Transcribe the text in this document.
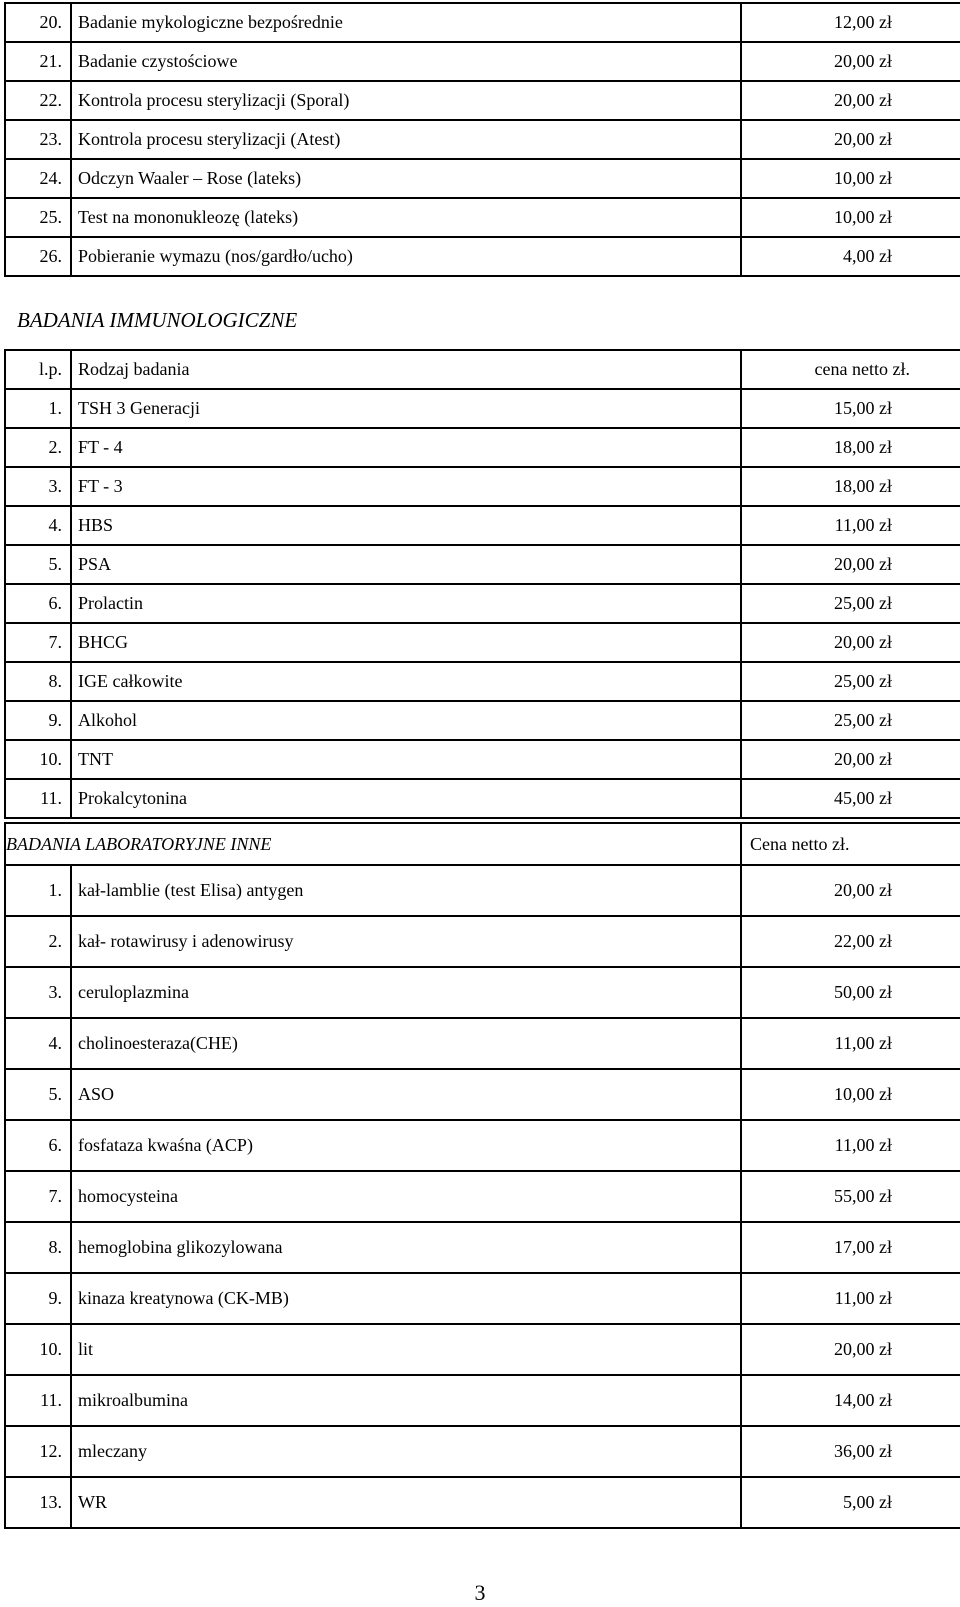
20.	Badanie mykologiczne bezpośrednie	12,00 zł
21.	Badanie czystościowe	20,00 zł
22.	Kontrola procesu sterylizacji (Sporal)	20,00 zł
23.	Kontrola procesu sterylizacji (Atest)	20,00 zł
24.	Odczyn Waaler – Rose (lateks)	10,00 zł
25.	Test na mononukleozę (lateks)	10,00 zł
26.	Pobieranie wymazu (nos/gardło/ucho)	4,00 zł
BADANIA IMMUNOLOGICZNE
l.p.	Rodzaj badania	cena netto zł.
1.	TSH 3 Generacji	15,00 zł
2.	FT - 4	18,00 zł
3.	FT - 3	18,00 zł
4.	HBS	11,00 zł
5.	PSA	20,00 zł
6.	Prolactin	25,00 zł
7.	BHCG	20,00 zł
8.	IGE całkowite	25,00 zł
9.	Alkohol	25,00 zł
10.	TNT	20,00 zł
11.	Prokalcytonina	45,00 zł
BADANIA LABORATORYJNE INNE		Cena netto zł.
1.	kał-lamblie (test Elisa) antygen	20,00 zł
2.	kał- rotawirusy i adenowirusy	22,00 zł
3.	ceruloplazmina	50,00 zł
4.	cholinoesteraza(CHE)	11,00 zł
5.	ASO	10,00 zł
6.	fosfataza kwaśna (ACP)	11,00 zł
7.	homocysteina	55,00 zł
8.	hemoglobina glikozylowana	17,00 zł
9.	kinaza kreatynowa (CK-MB)	11,00 zł
10.	lit	20,00 zł
11.	mikroalbumina	14,00 zł
12.	mleczany	36,00 zł
13.	WR	5,00 zł
3
